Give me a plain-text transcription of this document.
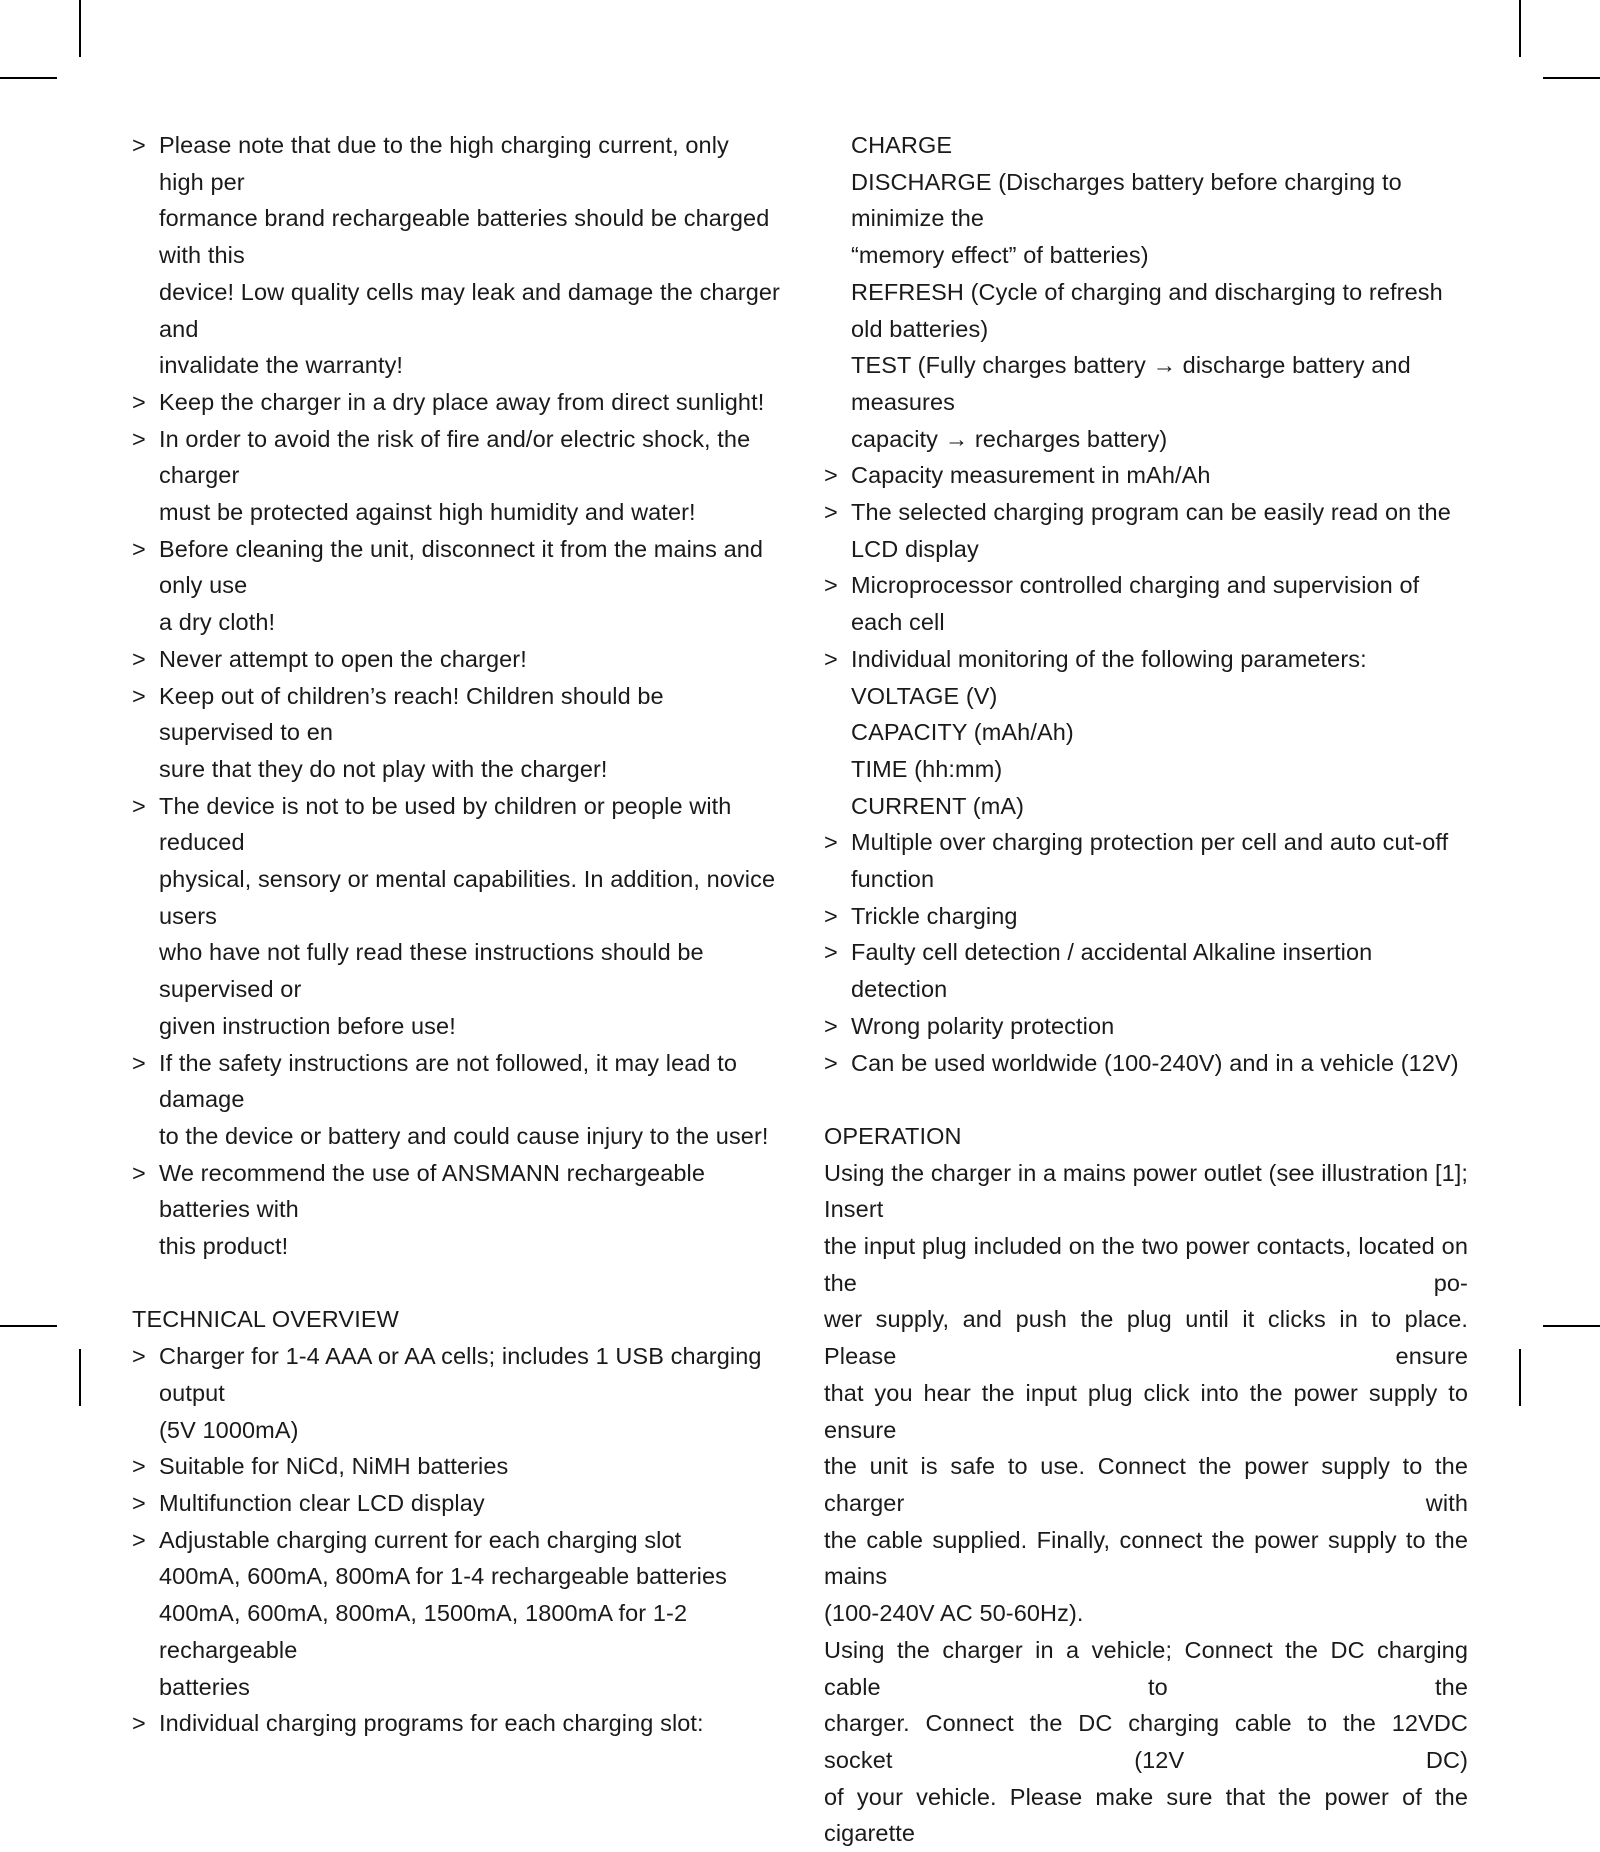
> Please note that due to the high charging current, only high per
formance brand rechargeable batteries should be charged with this
device! Low quality cells may leak and damage the charger and
invalidate the warranty!
> Keep the charger in a dry place away from direct sunlight!
> In order to avoid the risk of fire and/or electric shock, the charger
must be protected against high humidity and water!
> Before cleaning the unit, disconnect it from the mains and only use
a dry cloth!
> Never attempt to open the charger!
> Keep out of children’s reach! Children should be supervised to en
sure that they do not play with the charger!
> The device is not to be used by children or people with reduced
physical, sensory or mental capabilities. In addition, novice users
who have not fully read these instructions should be supervised or
given instruction before use!
> If the safety instructions are not followed, it may lead to damage
to the device or battery and could cause injury to the user!
> We recommend the use of ANSMANN rechargeable batteries with
this product!
TECHNICAL OVERVIEW
> Charger for 1-4 AAA or AA cells; includes 1 USB charging output
(5V 1000mA)
> Suitable for NiCd, NiMH batteries
> Multifunction clear LCD display
> Adjustable charging current for each charging slot
400mA, 600mA, 800mA for 1-4 rechargeable batteries
400mA, 600mA, 800mA, 1500mA, 1800mA for 1-2 rechargeable
batteries
> Individual charging programs for each charging slot:
CHARGE
DISCHARGE (Discharges battery before charging to minimize the
“memory effect” of batteries)
REFRESH (Cycle of charging and discharging to refresh old batteries)
TEST (Fully charges battery → discharge battery and measures
capacity → recharges battery)
> Capacity measurement in mAh/Ah
> The selected charging program can be easily read on the LCD display
> Microprocessor controlled charging and supervision of each cell
> Individual monitoring of the following parameters:
VOLTAGE (V)
CAPACITY (mAh/Ah)
TIME (hh:mm)
CURRENT (mA)
> Multiple over charging protection per cell and auto cut-off function
> Trickle charging
> Faulty cell detection / accidental Alkaline insertion detection
> Wrong polarity protection
> Can be used worldwide (100-240V) and in a vehicle (12V)
OPERATION
Using the charger in a mains power outlet (see illustration [1]; Insert
the input plug included on the two power contacts, located on the po-
wer supply, and push the plug until it clicks in to place. Please ensure
that you hear the input plug click into the power supply to ensure
the unit is safe to use. Connect the power supply to the charger with
the cable supplied. Finally, connect the power supply to the mains
(100-240V AC 50-60Hz).
Using the charger in a vehicle; Connect the DC charging cable to the
charger. Connect the DC charging cable to the 12VDC socket (12V DC)
of your vehicle. Please make sure that the power of the cigarette
